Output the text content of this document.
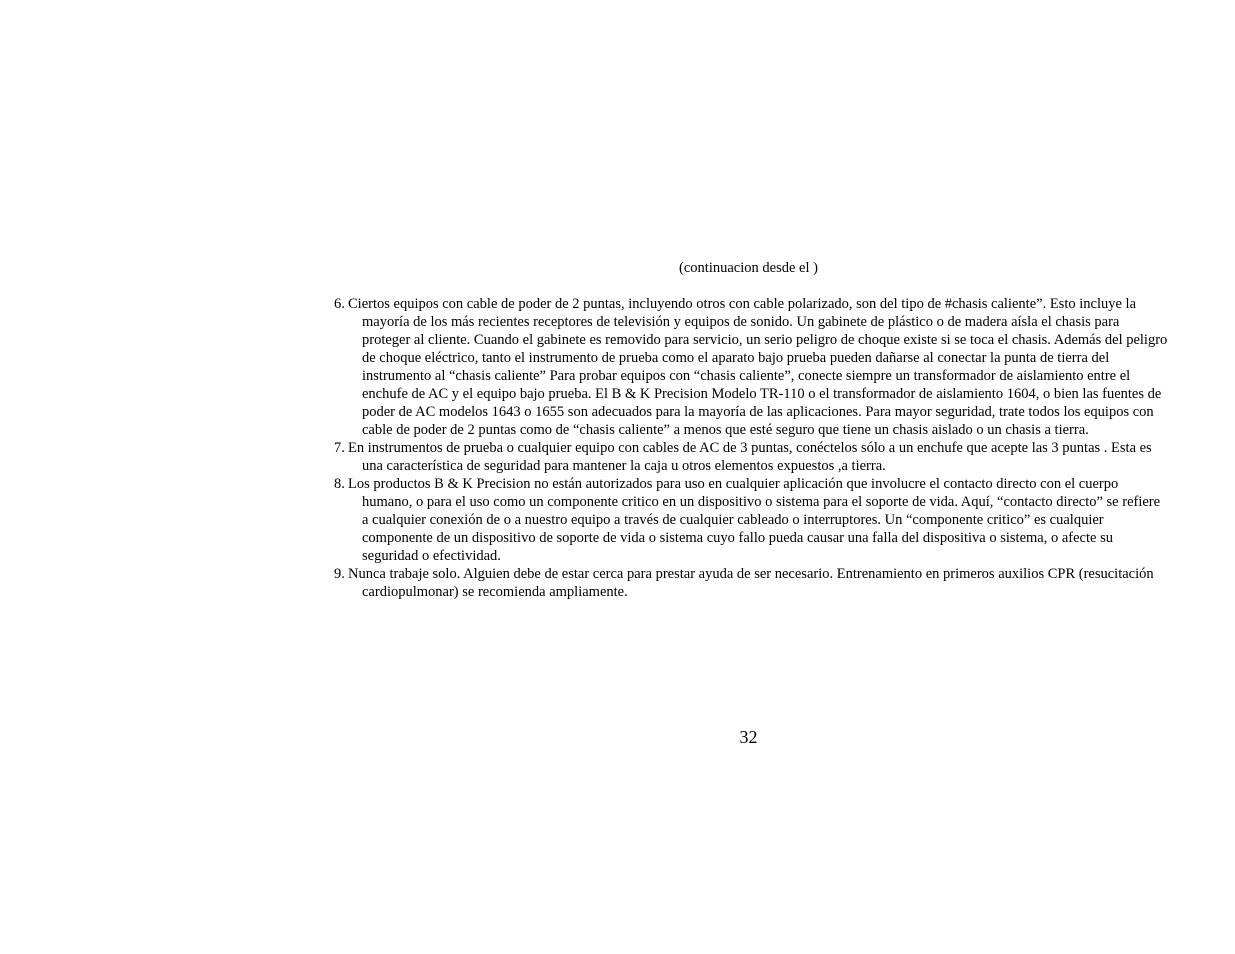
(continuacion desde el )
6. Ciertos equipos con cable de poder de 2 puntas, incluyendo otros con cable polarizado, son del tipo de #chasis caliente”. Esto incluye la mayoría de los más recientes receptores de televisión y equipos de sonido. Un gabinete de plástico o de madera aísla el chasis para proteger al cliente. Cuando el gabinete es removido para servicio, un serio peligro de choque existe si se toca el chasis. Además del peligro de choque eléctrico, tanto el instrumento de prueba como el aparato bajo prueba pueden dañarse al conectar la punta de tierra del instrumento al “chasis caliente” Para probar equipos con “chasis caliente”, conecte siempre un transformador de aislamiento entre el enchufe de AC y el equipo bajo prueba. El B & K Precision Modelo TR-110 o el transformador de aislamiento 1604, o bien las fuentes de poder de AC modelos 1643 o 1655 son adecuados para la mayoría de las aplicaciones. Para mayor seguridad, trate todos los equipos con cable de poder de 2 puntas como de “chasis caliente” a menos que esté seguro que tiene un chasis aislado o un chasis a tierra.
7. En instrumentos de prueba o cualquier equipo con cables de AC de 3 puntas, conéctelos sólo a un enchufe que acepte las 3 puntas . Esta es una característica de seguridad para mantener la caja u otros elementos expuestos ,a tierra.
8. Los productos B & K Precision no están autorizados para uso en cualquier aplicación que involucre el contacto directo con el cuerpo humano, o para el uso como un componente critico en un dispositivo o sistema para el soporte de vida. Aquí, “contacto directo” se refiere a cualquier conexión de o a nuestro equipo a través de cualquier cableado o interruptores. Un “componente critico” es cualquier componente de un dispositivo de soporte de vida o sistema cuyo fallo pueda causar una falla del dispositiva o sistema, o afecte su seguridad o efectividad.
9. Nunca trabaje solo. Alguien debe de estar cerca para prestar ayuda de ser necesario. Entrenamiento en primeros auxilios CPR (resucitación cardiopulmonar) se recomienda ampliamente.
32
